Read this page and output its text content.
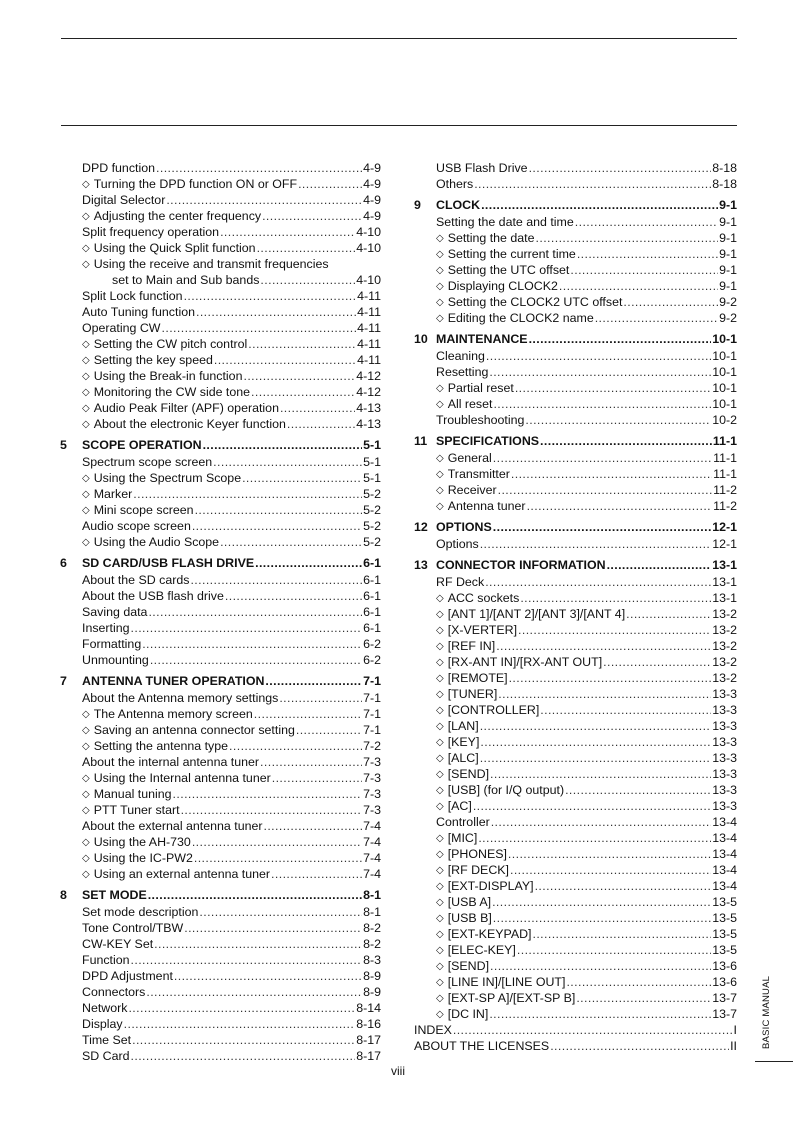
DPD function .....	4-9
◇ Turning the DPD function ON or OFF .....	4-9
Digital Selector .....	4-9
◇ Adjusting the center frequency .....	4-9
Split frequency operation .....	4-10
◇ Using the Quick Split function .....	4-10
◇ Using the receive and transmit frequencies
set to Main and Sub bands .....	4-10
Split Lock function .....	4-11
Auto Tuning function .....	4-11
Operating CW .....	4-11
◇ Setting the CW pitch control .....	4-11
◇ Setting the key speed .....	4-11
◇ Using the Break-in function .....	4-12
◇ Monitoring the CW side tone .....	4-12
◇ Audio Peak Filter (APF) operation .....	4-13
◇ About the electronic Keyer function .....	4-13
5	SCOPE OPERATION .....	5-1
Spectrum scope screen .....	5-1
◇ Using the Spectrum Scope .....	5-1
◇ Marker .....	5-2
◇ Mini scope screen .....	5-2
Audio scope screen .....	5-2
◇ Using the Audio Scope .....	5-2
6	SD CARD/USB FLASH DRIVE .....	6-1
About the SD cards .....	6-1
About the USB flash drive .....	6-1
Saving data .....	6-1
Inserting .....	6-1
Formatting .....	6-2
Unmounting .....	6-2
7	ANTENNA TUNER OPERATION .....	7-1
About the Antenna memory settings .....	7-1
◇ The Antenna memory screen .....	7-1
◇ Saving an antenna connector setting .....	7-1
◇ Setting the antenna type .....	7-2
About the internal antenna tuner .....	7-3
◇ Using the Internal antenna tuner .....	7-3
◇ Manual tuning .....	7-3
◇ PTT Tuner start .....	7-3
About the external antenna tuner .....	7-4
◇ Using the AH-730 .....	7-4
◇ Using the IC-PW2 .....	7-4
◇ Using an external antenna tuner .....	7-4
8	SET MODE .....	8-1
Set mode description .....	8-1
Tone Control/TBW .....	8-2
CW-KEY Set .....	8-2
Function .....	8-3
DPD Adjustment .....	8-9
Connectors .....	8-9
Network .....	8-14
Display .....	8-16
Time Set .....	8-17
SD Card .....	8-17
USB Flash Drive .....	8-18
Others .....	8-18
9	CLOCK .....	9-1
Setting the date and time .....	9-1
◇ Setting the date .....	9-1
◇ Setting the current time .....	9-1
◇ Setting the UTC offset .....	9-1
◇ Displaying CLOCK2 .....	9-1
◇ Setting the CLOCK2 UTC offset .....	9-2
◇ Editing the CLOCK2 name .....	9-2
10 MAINTENANCE .....	10-1
Cleaning .....	10-1
Resetting .....	10-1
◇ Partial reset .....	10-1
◇ All reset .....	10-1
Troubleshooting .....	10-2
11 SPECIFICATIONS .....	11-1
◇ General .....	11-1
◇ Transmitter .....	11-1
◇ Receiver .....	11-2
◇ Antenna tuner .....	11-2
12 OPTIONS .....	12-1
Options .....	12-1
13 CONNECTOR INFORMATION .....	13-1
RF Deck .....	13-1
◇ ACC sockets .....	13-1
◇ [ANT 1]/[ANT 2]/[ANT 3]/[ANT 4] .....	13-2
◇ [X-VERTER] .....	13-2
◇ [REF IN] .....	13-2
◇ [RX-ANT IN]/[RX-ANT OUT] .....	13-2
◇ [REMOTE] .....	13-2
◇ [TUNER] .....	13-3
◇ [CONTROLLER] .....	13-3
◇ [LAN] .....	13-3
◇ [KEY] .....	13-3
◇ [ALC] .....	13-3
◇ [SEND] .....	13-3
◇ [USB] (for I/Q output) .....	13-3
◇ [AC] .....	13-3
Controller .....	13-4
◇ [MIC] .....	13-4
◇ [PHONES] .....	13-4
◇ [RF DECK] .....	13-4
◇ [EXT-DISPLAY] .....	13-4
◇ [USB A] .....	13-5
◇ [USB B] .....	13-5
◇ [EXT-KEYPAD] .....	13-5
◇ [ELEC-KEY] .....	13-5
◇ [SEND] .....	13-6
◇ [LINE IN]/[LINE OUT] .....	13-6
◇ [EXT-SP A]/[EXT-SP B] .....	13-7
◇ [DC IN] .....	13-7
INDEX .....	I
ABOUT THE LICENSES .....	II
viii
BASIC MANUAL
